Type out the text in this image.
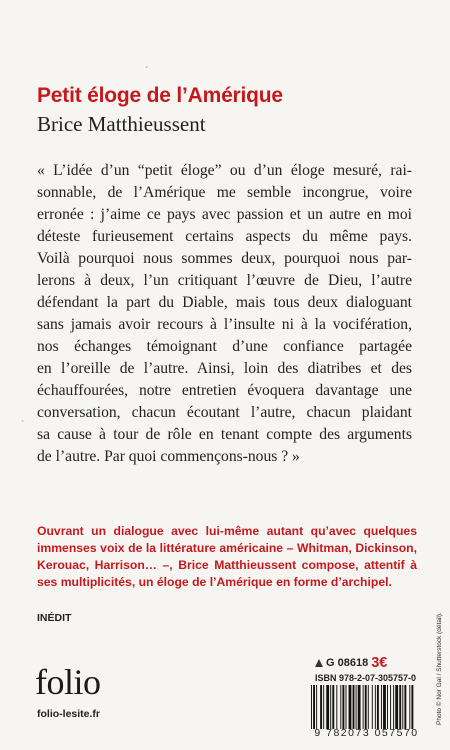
Petit éloge de l’Amérique
Brice Matthieussent
« L’idée d’un “petit éloge” ou d’un éloge mesuré, rai-
sonnable, de l’Amérique me semble incongrue, voire
erronée : j’aime ce pays avec passion et un autre en moi
déteste furieusement certains aspects du même pays.
Voilà pourquoi nous sommes deux, pourquoi nous par-
lerons à deux, l’un critiquant l’œuvre de Dieu, l’autre
défendant la part du Diable, mais tous deux dialoguant
sans jamais avoir recours à l’insulte ni à la vocifération,
nos échanges témoignant d’une confiance partagée
en l’oreille de l’autre. Ainsi, loin des diatribes et des
échauffourées, notre entretien évoquera davantage une
conversation, chacun écoutant l’autre, chacun plaidant
sa cause à tour de rôle en tenant compte des arguments
de l’autre. Par quoi commençons-nous ? »
Ouvrant un dialogue avec lui-même autant qu’avec quelques
immenses voix de la littérature américaine – Whitman, Dickinson,
Kerouac, Harrison… –, Brice Matthieussent compose, attentif à
ses multiplicités, un éloge de l’Amérique en forme d’archipel.
INÉDIT
folio
folio-lesite.fr
G 08618 3€
ISBN 978-2-07-305757-0
9 782073 057570
Photo © Nor Gal / Shutterstock (détail).
´
`
